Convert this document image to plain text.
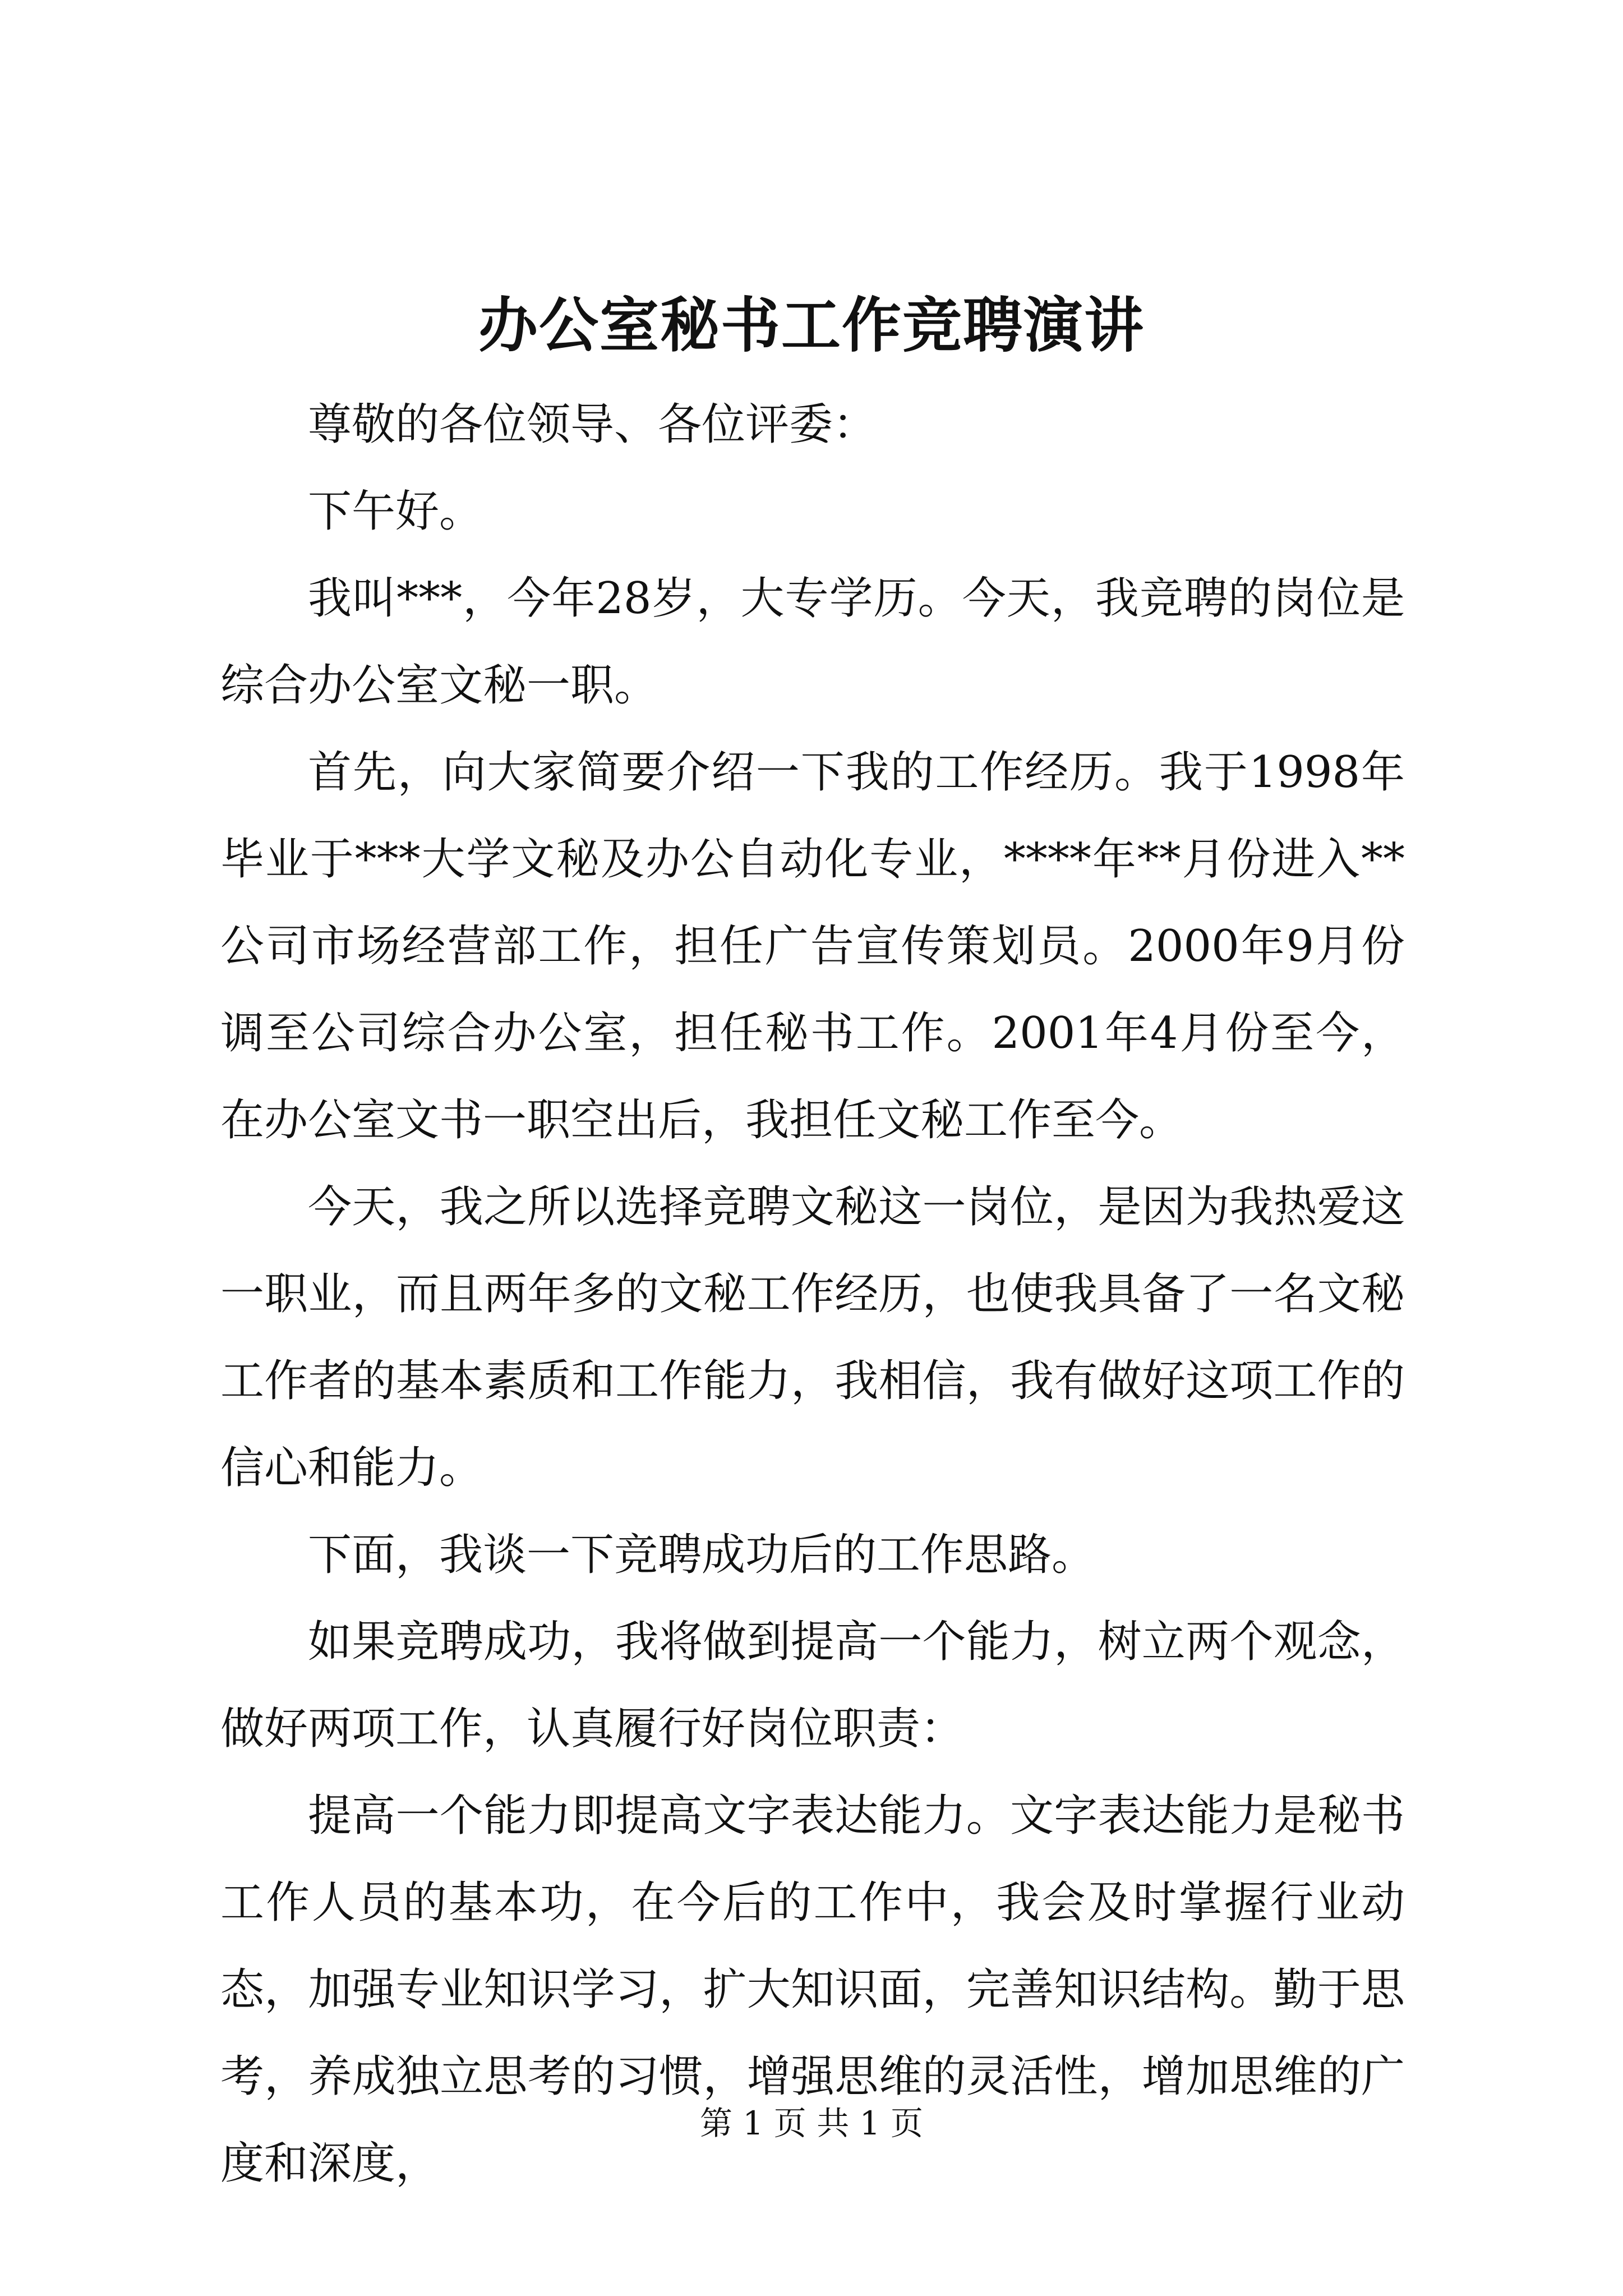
办公室秘书工作竞聘演讲

尊敬的各位领导、各位评委：

下午好。

我叫***，今年28岁，大专学历。今天，我竞聘的岗位是综合办公室文秘一职。

首先，向大家简要介绍一下我的工作经历。我于1998年毕业于***大学文秘及办公自动化专业，****年**月份进入**公司市场经营部工作，担任广告宣传策划员。2000年9月份调至公司综合办公室，担任秘书工作。2001年4月份至今，在办公室文书一职空出后，我担任文秘工作至今。

今天，我之所以选择竞聘文秘这一岗位，是因为我热爱这一职业，而且两年多的文秘工作经历，也使我具备了一名文秘工作者的基本素质和工作能力，我相信，我有做好这项工作的信心和能力。

下面，我谈一下竞聘成功后的工作思路。

如果竞聘成功，我将做到提高一个能力，树立两个观念，做好两项工作，认真履行好岗位职责：

提高一个能力即提高文字表达能力。文字表达能力是秘书工作人员的基本功，在今后的工作中，我会及时掌握行业动态，加强专业知识学习，扩大知识面，完善知识结构。勤于思考，养成独立思考的习惯，增强思维的灵活性，增加思维的广度和深度，

第 1 页 共 1 页
